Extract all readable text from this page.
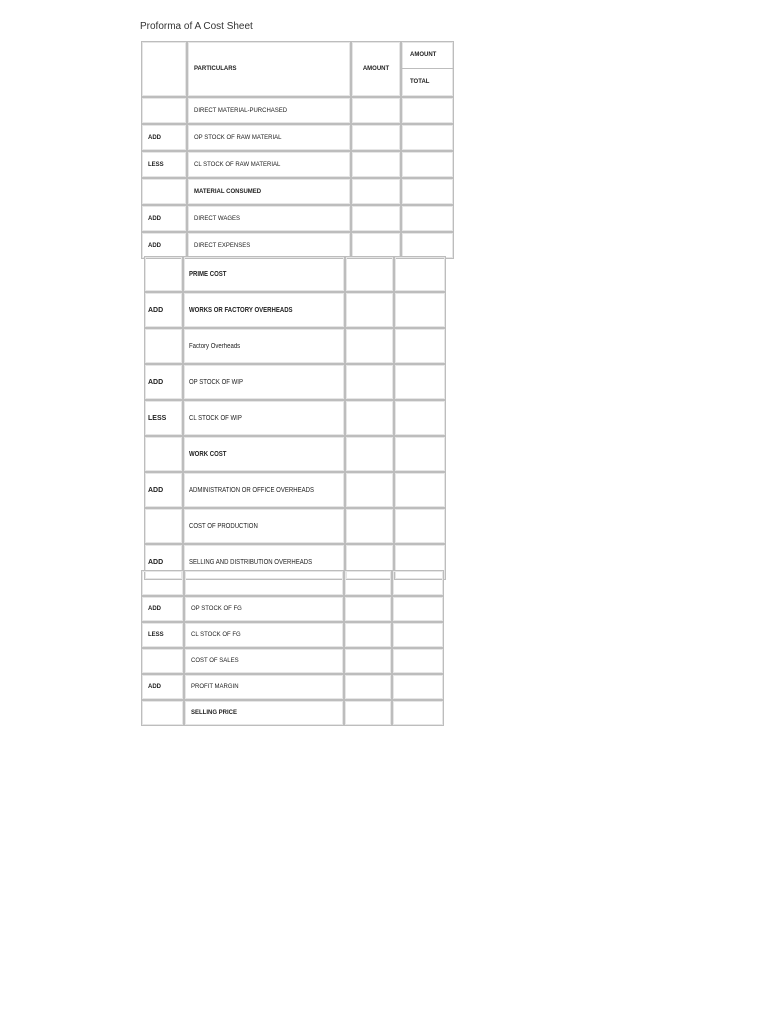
Proforma of A Cost Sheet
	PARTICULARS	AMOUNT	AMOUNT
TOTAL

	DIRECT MATERIAL-PURCHASED		
ADD	OP STOCK OF RAW MATERIAL		
LESS	CL STOCK OF RAW MATERIAL		
	MATERIAL CONSUMED		
ADD	DIRECT WAGES		
ADD	DIRECT EXPENSES		
	PRIME COST		
ADD	WORKS OR FACTORY OVERHEADS		
	Factory Overheads		
ADD	OP STOCK OF WIP		
LESS	CL STOCK OF WIP		
	WORK COST		
ADD	ADMINISTRATION OR OFFICE OVERHEADS		
	COST OF PRODUCTION		
ADD	SELLING AND DISTRIBUTION OVERHEADS		

ADD	OP STOCK OF FG		
LESS	CL STOCK OF FG		
	COST OF SALES		
ADD	PROFIT MARGIN		
	SELLING PRICE		
